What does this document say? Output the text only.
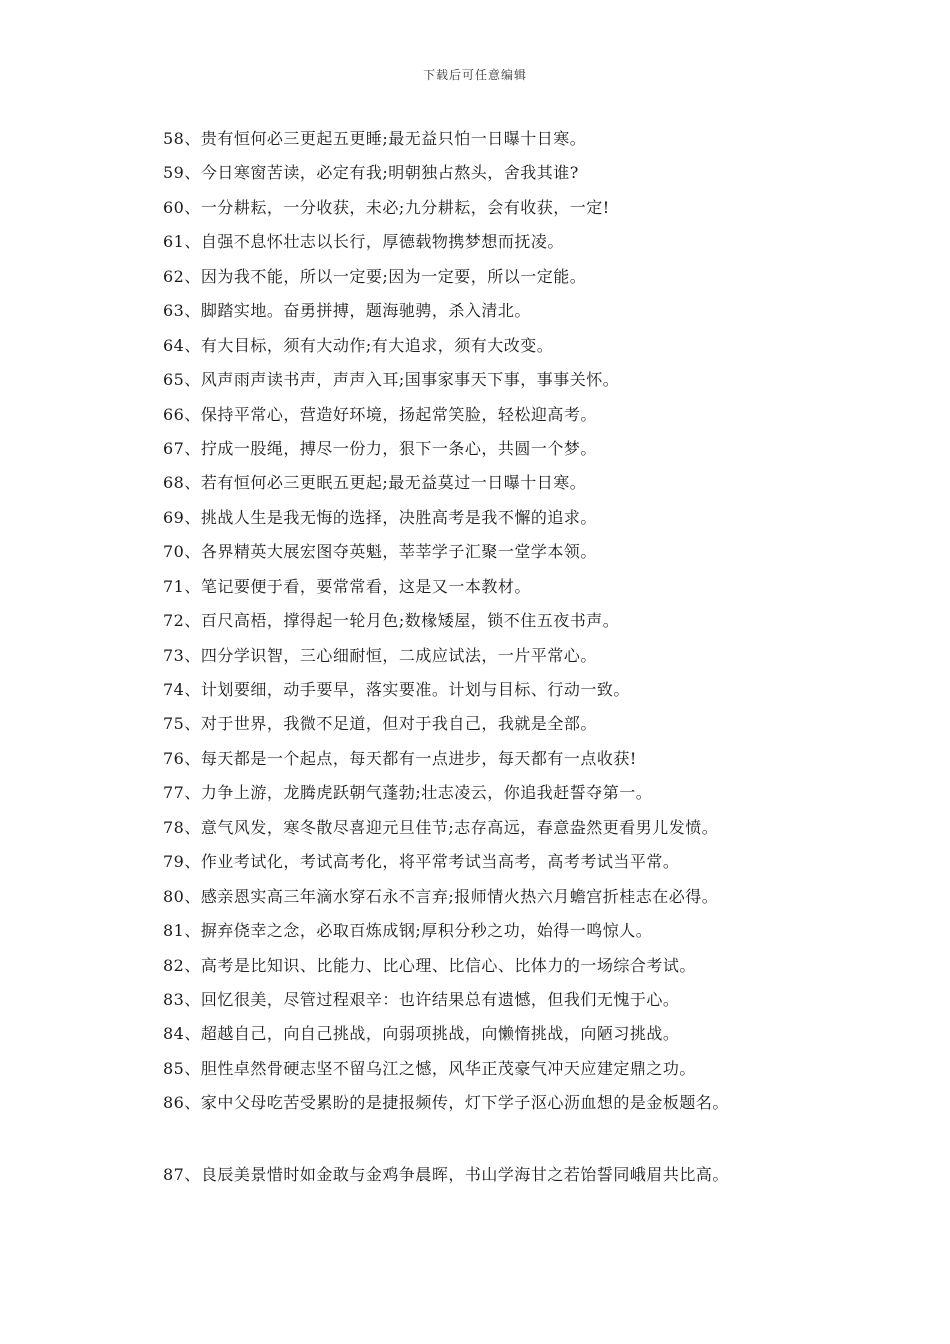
下载后可任意编辑
58、贵有恒何必三更起五更睡;最无益只怕一日曝十日寒。
59、今日寒窗苦读，必定有我;明朝独占熬头，舍我其谁?
60、一分耕耘，一分收获，未必;九分耕耘，会有收获，一定!
61、自强不息怀壮志以长行，厚德载物携梦想而抚凌。
62、因为我不能，所以一定要;因为一定要，所以一定能。
63、脚踏实地。奋勇拼搏，题海驰骋，杀入清北。
64、有大目标，须有大动作;有大追求，须有大改变。
65、风声雨声读书声，声声入耳;国事家事天下事，事事关怀。
66、保持平常心，营造好环境，扬起常笑脸，轻松迎高考。
67、拧成一股绳，搏尽一份力，狠下一条心，共圆一个梦。
68、若有恒何必三更眠五更起;最无益莫过一日曝十日寒。
69、挑战人生是我无悔的选择，决胜高考是我不懈的追求。
70、各界精英大展宏图夺英魁，莘莘学子汇聚一堂学本领。
71、笔记要便于看，要常常看，这是又一本教材。
72、百尺高梧，撑得起一轮月色;数椽矮屋，锁不住五夜书声。
73、四分学识智，三心细耐恒，二成应试法，一片平常心。
74、计划要细，动手要早，落实要准。计划与目标、行动一致。
75、对于世界，我微不足道，但对于我自己，我就是全部。
76、每天都是一个起点，每天都有一点进步，每天都有一点收获!
77、力争上游，龙腾虎跃朝气蓬勃;壮志凌云，你追我赶誓夺第一。
78、意气风发，寒冬散尽喜迎元旦佳节;志存高远，春意盎然更看男儿发愤。
79、作业考试化，考试高考化，将平常考试当高考，高考考试当平常。
80、感亲恩实高三年滴水穿石永不言弃;报师情火热六月蟾宫折桂志在必得。
81、摒弃侥幸之念，必取百炼成钢;厚积分秒之功，始得一鸣惊人。
82、高考是比知识、比能力、比心理、比信心、比体力的一场综合考试。
83、回忆很美，尽管过程艰辛：也许结果总有遗憾，但我们无愧于心。
84、超越自己，向自己挑战，向弱项挑战，向懒惰挑战，向陋习挑战。
85、胆性卓然骨硬志坚不留乌江之憾，风华正茂豪气冲天应建定鼎之功。
86、家中父母吃苦受累盼的是捷报频传，灯下学子沤心沥血想的是金板题名。
87、良辰美景惜时如金敢与金鸡争晨晖，书山学海甘之若饴誓同峨眉共比高。
